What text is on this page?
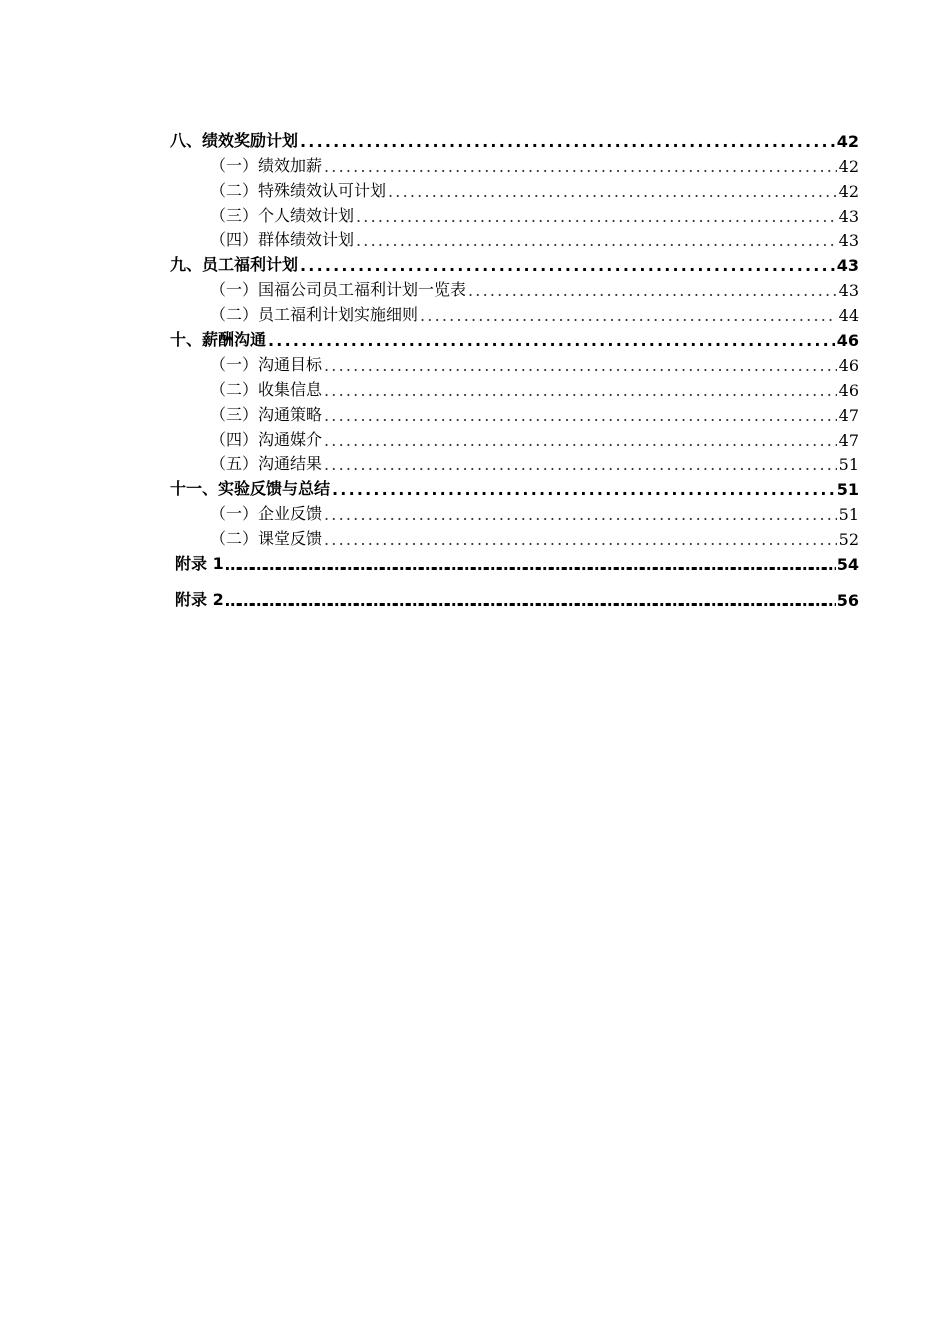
八、绩效奖励计划 .....	42
（一）绩效加薪 .....	42
（二）特殊绩效认可计划 .....	42
（三）个人绩效计划 .....	43
（四）群体绩效计划 .....	43
九、员工福利计划 .....	43
（一）国福公司员工福利计划一览表 .....	43
（二）员工福利计划实施细则 .....	44
十、薪酬沟通 .....	46
（一）沟通目标 .....	46
（二）收集信息 .....	46
（三）沟通策略 .....	47
（四）沟通媒介 .....	47
（五）沟通结果 .....	51
十一、实验反馈与总结 .....	51
（一）企业反馈 .....	51
（二）课堂反馈 .....	52
附录 1 ………………………………………………………………………………………………………………………………………………………………………………………………	54
附录 2 ………………………………………………………………………………………………………………………………………………………………………………………………	56
